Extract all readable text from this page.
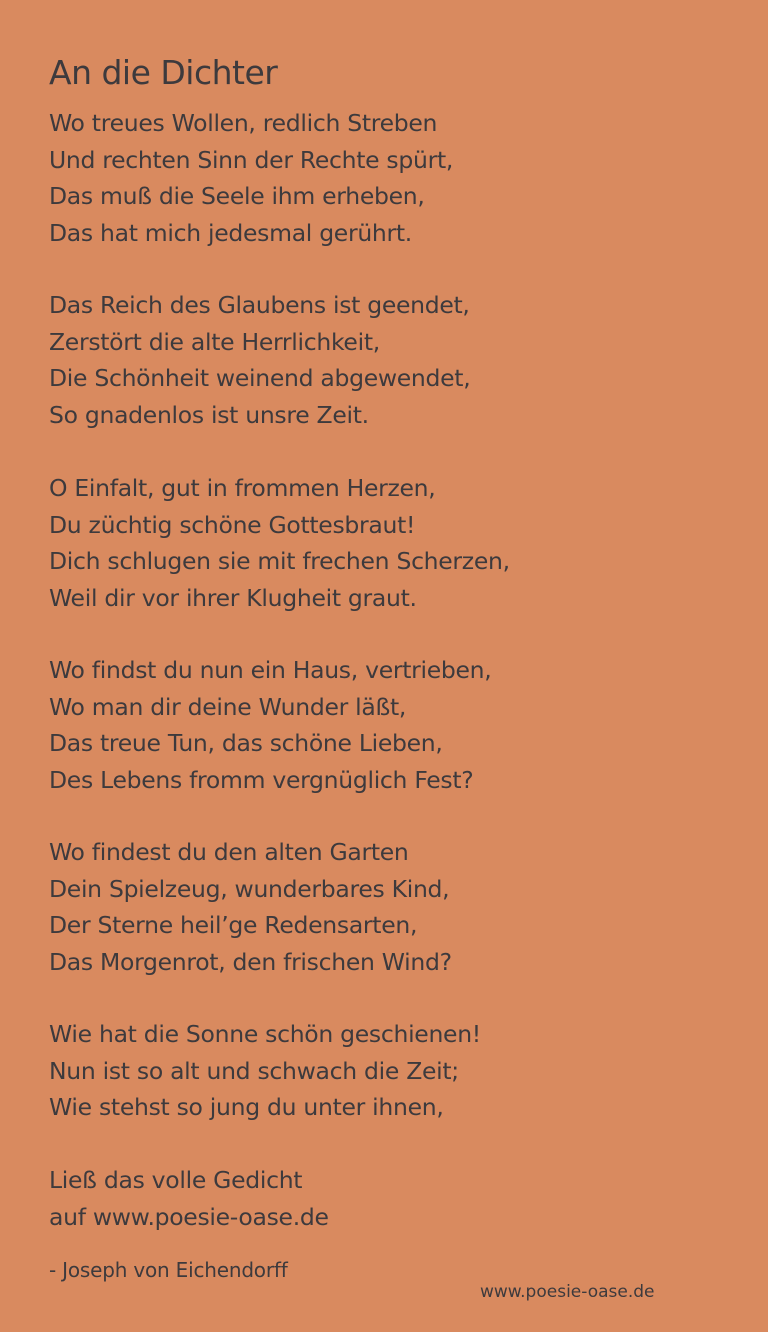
An die Dichter
Wo treues Wollen, redlich Streben
Und rechten Sinn der Rechte spürt,
Das muß die Seele ihm erheben,
Das hat mich jedesmal gerührt.
Das Reich des Glaubens ist geendet,
Zerstört die alte Herrlichkeit,
Die Schönheit weinend abgewendet,
So gnadenlos ist unsre Zeit.
O Einfalt, gut in frommen Herzen,
Du züchtig schöne Gottesbraut!
Dich schlugen sie mit frechen Scherzen,
Weil dir vor ihrer Klugheit graut.
Wo findst du nun ein Haus, vertrieben,
Wo man dir deine Wunder läßt,
Das treue Tun, das schöne Lieben,
Des Lebens fromm vergnüglich Fest?
Wo findest du den alten Garten
Dein Spielzeug, wunderbares Kind,
Der Sterne heil’ge Redensarten,
Das Morgenrot, den frischen Wind?
Wie hat die Sonne schön geschienen!
Nun ist so alt und schwach die Zeit;
Wie stehst so jung du unter ihnen,
Ließ das volle Gedicht
auf www.poesie-oase.de
- Joseph von Eichendorff
www.poesie-oase.de
